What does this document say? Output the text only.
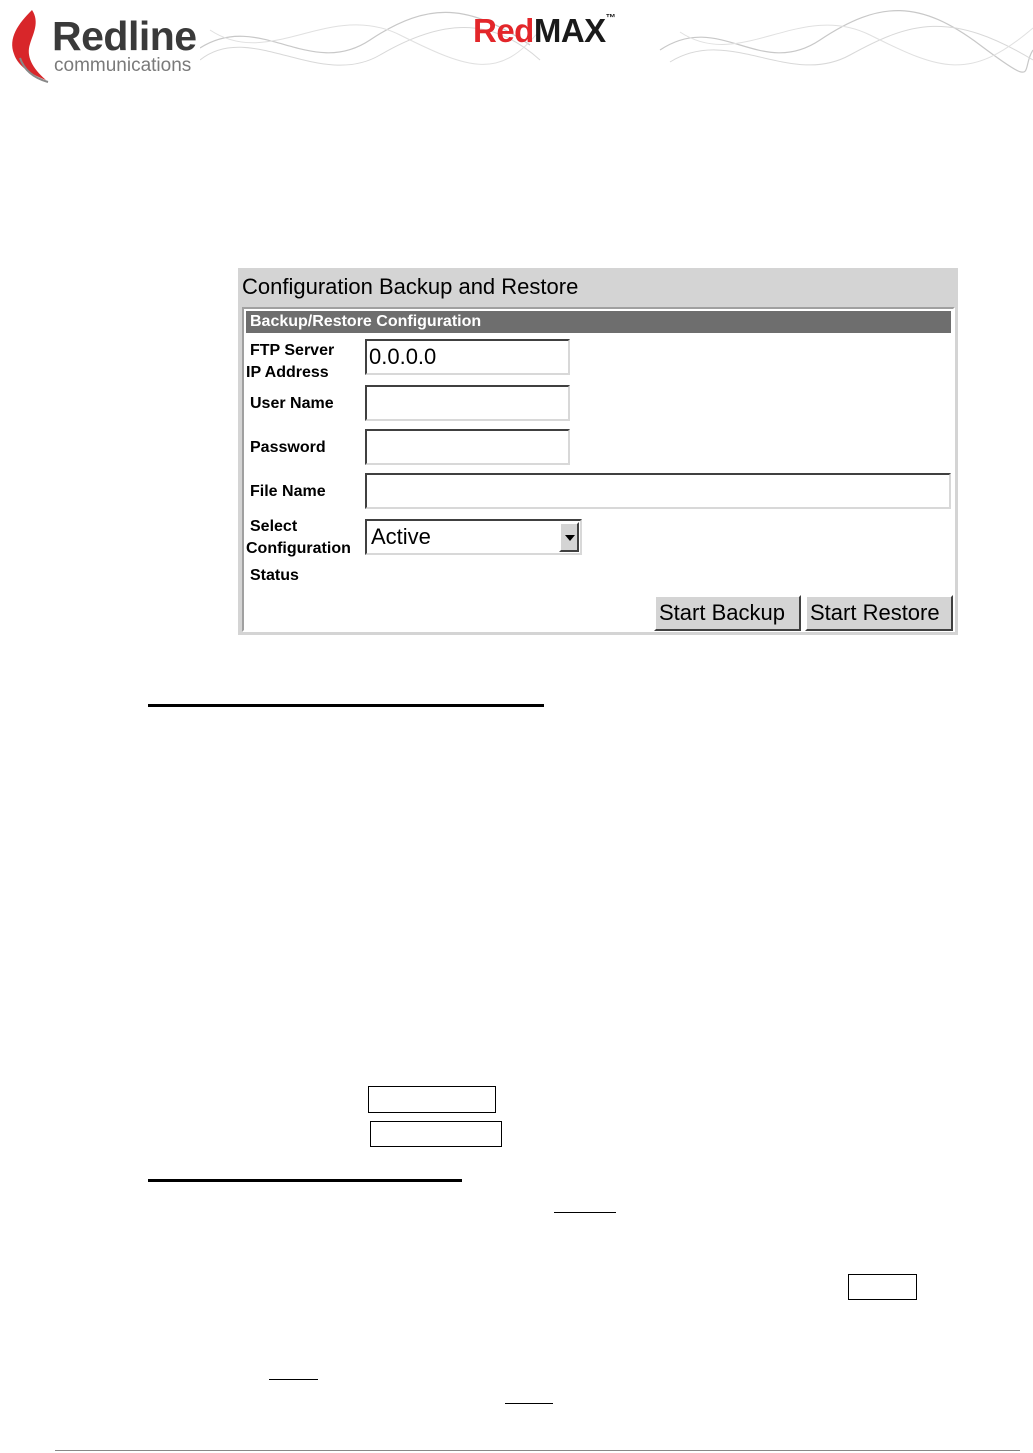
Redline
communications
RedMAX™
Configuration Backup and Restore
Backup/Restore Configuration
FTP Server
IP Address
0.0.0.0
User Name
Password
File Name
Select
Configuration Active
Status
Start Backup	Start Restore
